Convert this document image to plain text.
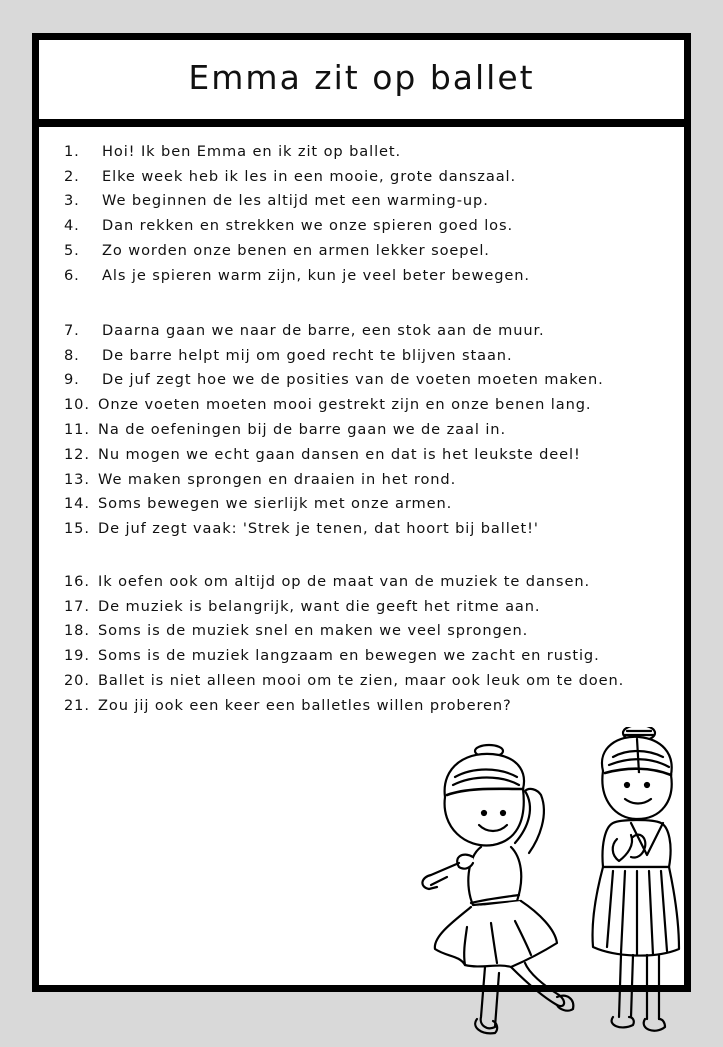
Emma zit op ballet
1.	Hoi! Ik ben Emma en ik zit op ballet.
2.	Elke week heb ik les in een mooie, grote danszaal.
3.	We beginnen de les altijd met een warming-up.
4.	Dan rekken en strekken we onze spieren goed los.
5.	Zo worden onze benen en armen lekker soepel.
6.	Als je spieren warm zijn, kun je veel beter bewegen.
7.	Daarna gaan we naar de barre, een stok aan de muur.
8.	De barre helpt mij om goed recht te blijven staan.
9.	De juf zegt hoe we de posities van de voeten moeten maken.
10. Onze voeten moeten mooi gestrekt zijn en onze benen lang.
11. Na de oefeningen bij de barre gaan we de zaal in.
12. Nu mogen we echt gaan dansen en dat is het leukste deel!
13. We maken sprongen en draaien in het rond.
14. Soms bewegen we sierlijk met onze armen.
15. De juf zegt vaak: 'Strek je tenen, dat hoort bij ballet!'
16. Ik oefen ook om altijd op de maat van de muziek te dansen.
17. De muziek is belangrijk, want die geeft het ritme aan.
18. Soms is de muziek snel en maken we veel sprongen.
19. Soms is de muziek langzaam en bewegen we zacht en rustig.
20. Ballet is niet alleen mooi om te zien, maar ook leuk om te doen.
21. Zou jij ook een keer een balletles willen proberen?
